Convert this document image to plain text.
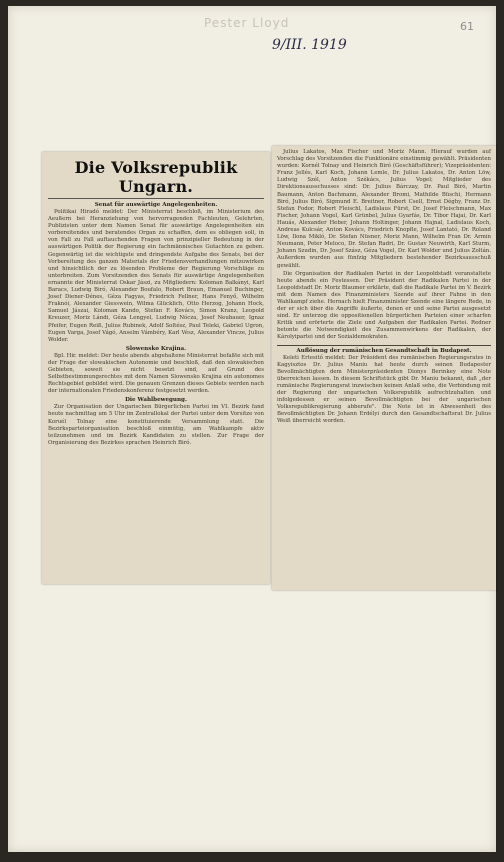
Pester Lloyd
9/III. 1919
61
Die Volksrepublik Ungarn.
Senat für auswärtige Angelegenheiten.

Politikai Hiradó meldet: Der Ministerrat beschloß, im Ministerium des Aeußern bei Heranziehung von hervorragenden Fachleuten, Gelehrten, Publizisten unter dem Namen Senat für auswärtige Angelegenheiten ein vorbereitendes und beratendes Organ zu schaffen, dem es obliegen soll, in von Fall zu Fall auftauchenden Fragen von prinzipieller Bedeutung in der auswärtigen Politik der Regierung ein fachmännisches Gutachten zu geben. Gegenwärtig ist die wichtigste und dringendste Aufgabe des Senats, bei der Vorbereitung des ganzen Materials der Friedensverhandlungen mitzuwirken und hinsichtlich der zu lösenden Probleme der Regierung Vorschläge zu unterbreiten. Zum Vorsitzenden des Senats für auswärtige Angelegenheiten ernannte der Ministerrat Oskar Jászi, zu Mitgliedern: Koloman Balkányi, Karl Baracs, Ludwig Biró, Alexander Boufalo, Robert Braun, Emanuel Buchinger, Josef Diener-Dénes, Géza Fagyas, Friedrich Fellner, Hans Fenyő, Wilhelm Fraknói, Alexander Giesswein, Wilma Glücklich, Otto Herzog, Johann Hock, Samuel Jászai, Koloman Kando, Stefan F. Kovács, Simon Kranz, Leopold Kreuzer, Moriz Lándi, Géza Lengyel, Ludwig Nócza, Josef Neubauer, Ignaz Pfeifer, Eugen Reiß, Julius Rubinek, Adolf Soltész, Paul Teleki, Gabriel Ugron, Eugen Varga, Josef Vágó, Anselm Vámbéry, Karl Vész, Alexander Vincze, Julius Wolder.

Slowensko Krajina.

Bpl. Hir. meldet: Der heute abends abgehaltene Ministerrat befaßte sich mit der Frage der slowakischen Autonomie und beschloß, daß den slowakischen Gebieten, soweit sie nicht besetzt sind, auf Grund des Selbstbestimmungsrechtes mit dem Namen Slowensko Krajina ein autonomes Rechtsgebiet gebildet wird. Die genauen Grenzen dieses Gebiets werden nach der internationalen Friedenskonferenz festgesetzt werden.

Die Wahlbewegung.

Zur Organisation der Ungarischen Bürgerlichen Partei im VI. Bezirk fand heute nachmittag um 5 Uhr im Zentrallokal der Partei unter dem Vorsitze von Koruél Tolnay eine konstituierende Versammlung statt. Die Bezirksparteiorganisation beschloß einmütig, am Wahlkampfe aktiv teilzunehmen und im Bezirk Kandidaten zu stellen. Zur Frage der Organisierung des Bezirkes sprachen Heinrich Biró.

Julius Lakatos, Max Fischer und Moriz Mann. Hierauf wurden auf Vorschlag des Vorsitzenden die Funktionäre einstimmig gewählt. Präsidenten wurden: Kornél Tolnay und Heinrich Biró (Geschäftsführer); Vizepräsidenten: Franz Jellés, Karl Koch, Johann Lemle, Dr. Julius Lakatos, Dr. Anton Löw, Ludwig Szél, Anton Székács, Julius Vogel; Mitglieder des Direktionsausschusses sind: Dr. Julius Bárczay, Dr. Paul Biró, Martin Baumann, Anton Bachmann, Alexander Bromi, Mathilde Büschi, Hermann Biró, Julius Biró, Sigmund E. Breitner, Robert Csell, Ernst Déghy, Franz Dr. Stefan Fodor, Robert Fleischl, Ladislaus Fürst, Dr. Josef Fleischmann, Max Fischer, Johann Vogel, Karl Grünbel, Julius Gyarfás, Dr. Tibor Hajai, Dr. Karl Hauás, Alexander Heber, Johann Holtinger, Johann Hajnal, Ladislaus Koch, Andreas Kulcsár, Anton Kovács, Friedrich Knopfle, Josef Lantató, Dr. Roland Löw, Ilona Mikló, Dr. Stefan Nüsner, Moriz Mann, Wilhelm Fran Dr. Armin Neumann, Peter Meloco, Dr. Stefan Radri, Dr. Gustav Neuwirth, Karl Sturm, Johann Szudin, Dr. Josef Szász, Géza Vogel, Dr. Karl Wolder und Julius Zoltán. Außerdem wurden aus fünfzig Mitgliedern bestehender Bezirksausschuß gewählt.

Die Organisation der Radikalen Partei in der Leopoldstadt veranstaltete heute abends ein Festessen. Der Präsident der Radikalen Partei in der Leopoldstadt Dr. Moriz Blaumer erklärte, daß die Radikale Partei im V. Bezirk mit dem Namen des Finanzministers Szende auf ihrer Fahne in den Wahlkampf ziehe. Hernach hielt Finanzminister Szende eine längere Rede, in der er sich über die Angriffe äußerte, denen er und seine Partei ausgesetzt sind. Er unterzog die oppositionellen bürgerlichen Parteien einer scharfen Kritik und erörterte die Ziele und Aufgaben der Radikalen Partei. Redner betonte die Notwendigkeit des Zusammenwirkens der Radikalen, der Károlyipartei und der Sozialdemokraten.

Auflösung der rumänischen Gesandtschaft in Budapest.

Keleti Ertesitő meldet: Der Präsident des rumänischen Regierungsrates in Kagyisztos Dr. Julius Maniu hat heute durch seinen Budapester Bevollmächtigten dem Ministerpräsidenten Dionys Berinkey eine Note überreichen lassen. In diesem Schriftstück gibt Dr. Maniu bekannt, daß „der rumänische Regierungsrat inzwischen keinen Anlaß sehe, die Verbindung mit der Regierung der ungarischen Volksrepublik aufrechtzuhalten und infolgedessen er seinen Bevollmächtigten bei der ungarischen Volksrepublikregierung abberufe". Die Note ist in Abwesenheit des Bevollmächtigten Dr. Johann Erdélyi durch den Gesandtschaftsrat Dr. Julius Weiß überreicht worden.
